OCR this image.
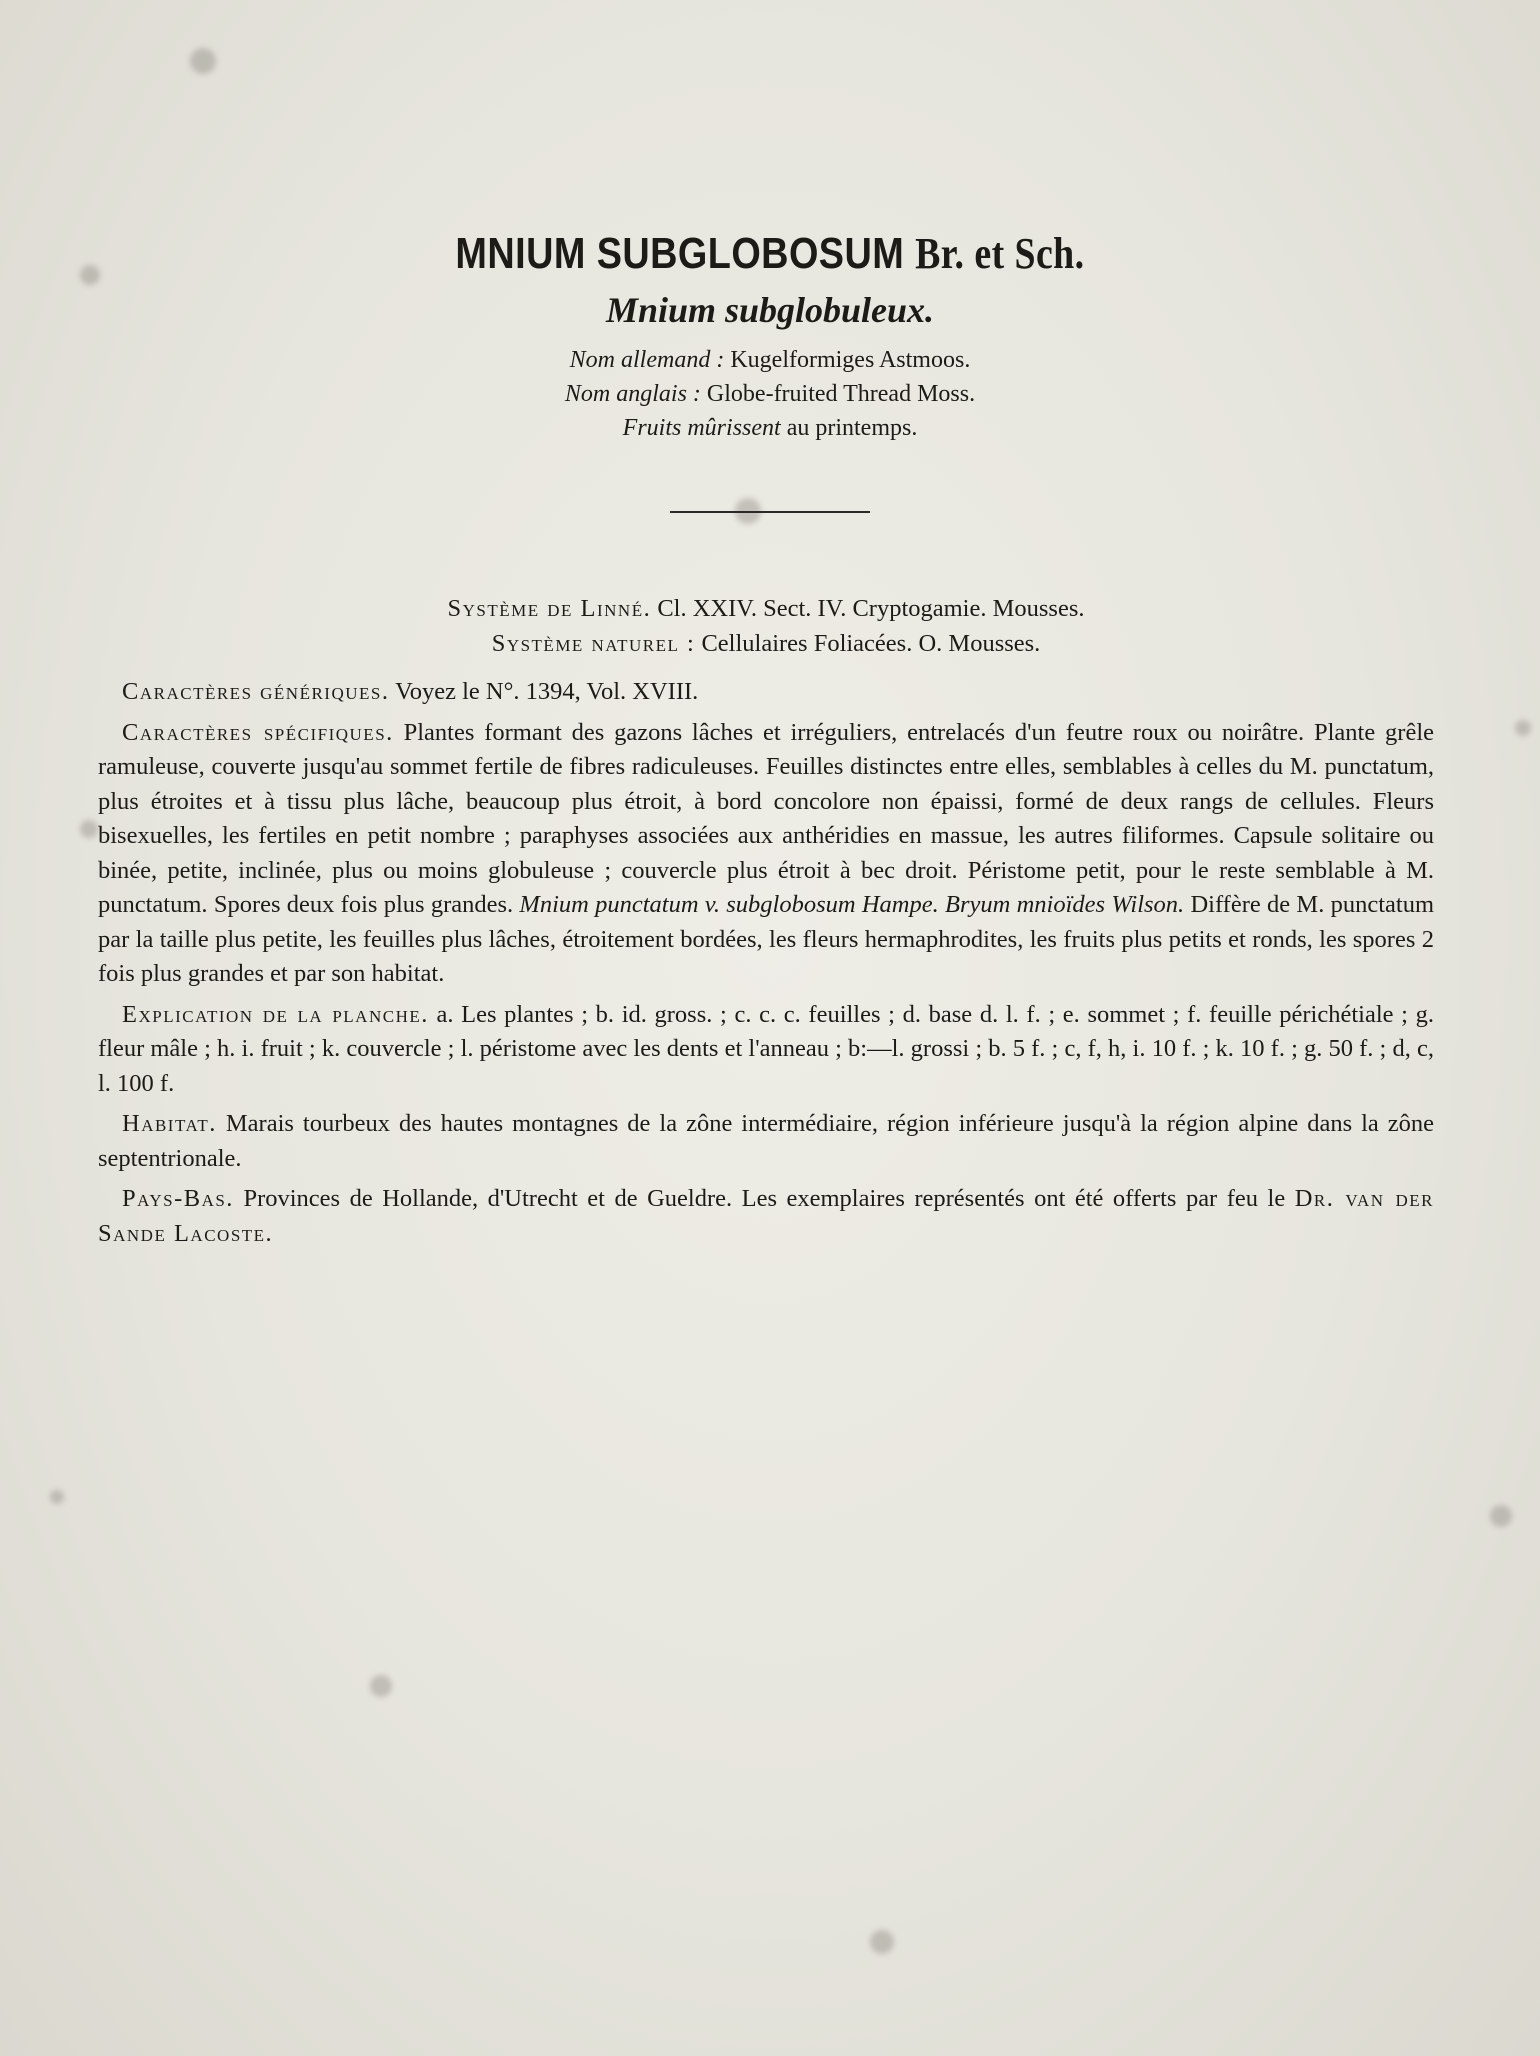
MNIUM SUBGLOBOSUM Br. et Sch.
Mnium subglobuleux.
Nom allemand : Kugelformiges Astmoos.
Nom anglais : Globe-fruited Thread Moss.
Fruits mûrissent au printemps.
Système de Linné. Cl. XXIV. Sect. IV. Cryptogamie. Mousses.
Système naturel : Cellulaires Foliacées. O. Mousses.

Caractères génériques. Voyez le N°. 1394, Vol. XVIII.

Caractères spécifiques. Plantes formant des gazons lâches et irréguliers, entrelacés d'un feutre roux ou noirâtre. Plante grêle ramuleuse, couverte jusqu'au sommet fertile de fibres radiculeuses. Feuilles distinctes entre elles, semblables à celles du M. punctatum, plus étroites et à tissu plus lâche, beaucoup plus étroit, à bord concolore non épaissi, formé de deux rangs de cellules. Fleurs bisexuelles, les fertiles en petit nombre ; paraphyses associées aux anthéridies en massue, les autres filiformes. Capsule solitaire ou binée, petite, inclinée, plus ou moins globuleuse ; couvercle plus étroit à bec droit. Péristome petit, pour le reste semblable à M. punctatum. Spores deux fois plus grandes. Mnium punctatum v. subglobosum Hampe. Bryum mnioïdes Wilson. Diffère de M. punctatum par la taille plus petite, les feuilles plus lâches, étroitement bordées, les fleurs hermaphrodites, les fruits plus petits et ronds, les spores 2 fois plus grandes et par son habitat.

Explication de la planche. a. Les plantes ; b. id. gross. ; c. c. c. feuilles ; d. base d. l. f. ; e. sommet ; f. feuille périchétiale ; g. fleur mâle ; h. i. fruit ; k. couvercle ; l. péristome avec les dents et l'anneau ; b:—l. grossi ; b. 5 f. ; c, f, h, i. 10 f. ; k. 10 f. ; g. 50 f. ; d, c, l. 100 f.

Habitat. Marais tourbeux des hautes montagnes de la zône intermédiaire, région inférieure jusqu'à la région alpine dans la zône septentrionale.

Pays-Bas. Provinces de Hollande, d'Utrecht et de Gueldre. Les exemplaires représentés ont été offerts par feu le Dr. van der Sande Lacoste.
